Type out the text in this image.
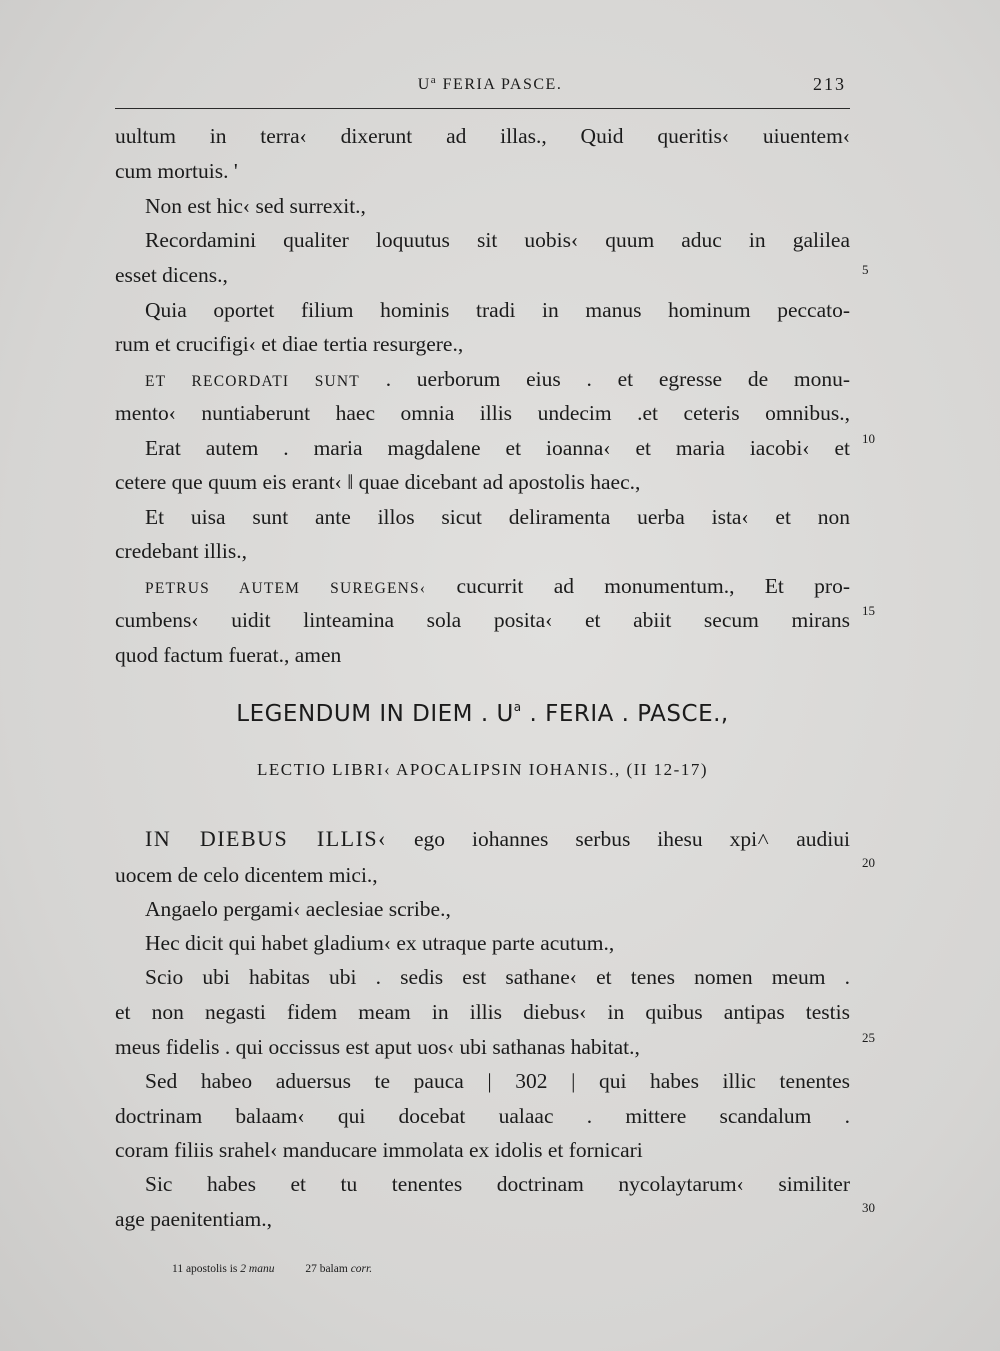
$U^a$ FERIA PASCE.	213
uultum in terra‹ dixerunt ad illas., Quid queritis‹ uiuentem‹
cum mortuis. '
Non est hic‹ sed surrexit.,
Recordamini qualiter loquutus sit uobis‹ quum aduc in galilea
esset dicens.,
Quia oportet filium hominis tradi in manus hominum peccato-
rum et crucifigi‹ et diae tertia resurgere.,
ET RECORDATI SUNT . uerborum eius . et egresse de monu-
mento‹ nuntiaberunt haec omnia illis undecim .et ceteris omnibus.,
Erat autem . maria magdalene et ioanna‹ et maria iacobi‹ et
cetere que quum eis erant‹ ‖ quae dicebant ad apostolis haec.,
Et uisa sunt ante illos sicut deliramenta uerba ista‹ et non
credebant illis.,
PETRUS AUTEM SUREGENS‹ cucurrit ad monumentum., Et pro-
cumbens‹ uidit linteamina sola posita‹ et abiit secum mirans
quod factum fuerat., amen
LEGENDUM IN DIEM . $U^a$ . FERIA . PASCE.,
LECTIO LIBRI‹ APOCALIPSIN IOHANIS., (II 12-17)
IN DIEBUS ILLIS‹ ego iohannes serbus ihesu xpi˄ audiui
uocem de celo dicentem mici.,
Angaelo pergami‹ aeclesiae scribe.,
Hec dicit qui habet gladium‹ ex utraque parte acutum.,
Scio ubi habitas ubi . sedis est sathane‹ et tenes nomen meum .
et non negasti fidem meam in illis diebus‹ in quibus antipas testis
meus fidelis . qui occissus est aput uos‹ ubi sathanas habitat.,
Sed habeo aduersus te pauca | 302 | qui habes illic tenentes
doctrinam balaam‹ qui docebat ualaac . mittere scandalum .
coram filiis srahel‹ manducare immolata ex idolis et fornicari
Sic habes et tu tenentes doctrinam nycolaytarum‹ similiter
age paenitentiam.,
5
10
15
20
25
30
11 apostolis is 2 manu	27 balam corr.
